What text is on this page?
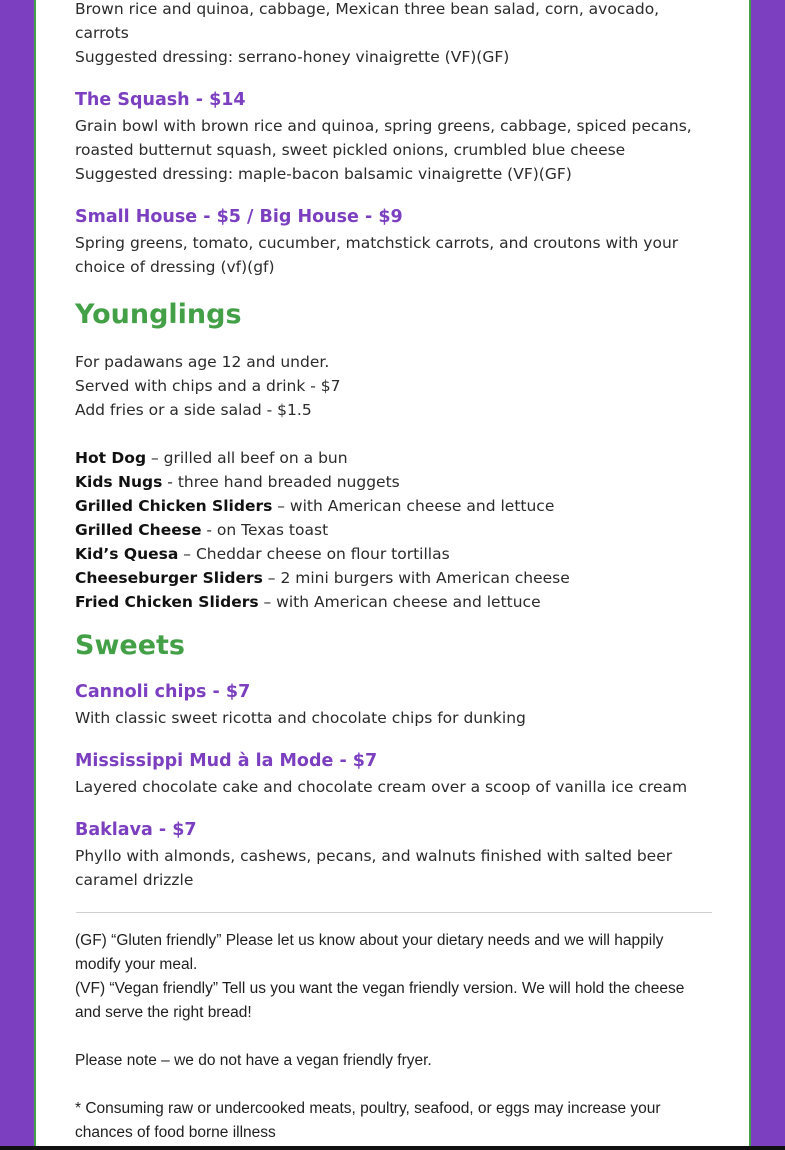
Brown rice and quinoa, cabbage, Mexican three bean salad, corn, avocado,

carrots

Suggested dressing: serrano-honey vinaigrette (VF)(GF)

The Squash - $14

Grain bowl with brown rice and quinoa, spring greens, cabbage, spiced pecans,

roasted butternut squash, sweet pickled onions, crumbled blue cheese

Suggested dressing: maple-bacon balsamic vinaigrette (VF)(GF)

Small House - $5 / Big House - $9

Spring greens, tomato, cucumber, matchstick carrots, and croutons with your

choice of dressing (vf)(gf)

Younglings

For padawans age 12 and under.

Served with chips and a drink - $7

Add fries or a side salad - $1.5

Hot Dog – grilled all beef on a bun

Kids Nugs - three hand breaded nuggets

Grilled Chicken Sliders – with American cheese and lettuce

Grilled Cheese - on Texas toast

Kid’s Quesa – Cheddar cheese on flour tortillas

Cheeseburger Sliders – 2 mini burgers with American cheese

Fried Chicken Sliders – with American cheese and lettuce

Sweets
Cannoli chips - $7

With classic sweet ricotta and chocolate chips for dunking

Mississippi Mud à la Mode - $7

Layered chocolate cake and chocolate cream over a scoop of vanilla ice cream

Baklava - $7

Phyllo with almonds, cashews, pecans, and walnuts finished with salted beer

caramel drizzle

(GF) “Gluten friendly” Please let us know about your dietary needs and we will happily

modify your meal.

(VF) “Vegan friendly” Tell us you want the vegan friendly version. We will hold the cheese

and serve the right bread!

Please note – we do not have a vegan friendly fryer.

* Consuming raw or undercooked meats, poultry, seafood, or eggs may increase your

chances of food borne illness
